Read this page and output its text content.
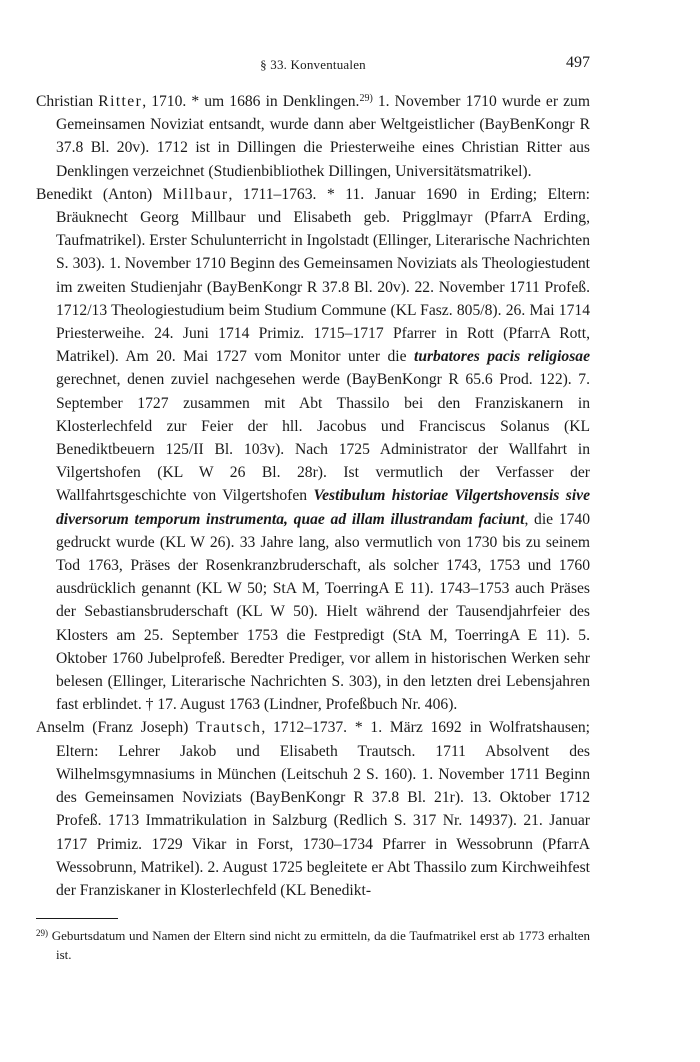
§ 33. Konventualen	497

Christian Ritter, 1710. * um 1686 in Denklingen.$^{29)}$ 1. November 1710 wurde er zum Gemeinsamen Noviziat entsandt, wurde dann aber Weltgeistlicher (BayBenKongr R 37.8 Bl. 20v). 1712 ist in Dillingen die Priesterweihe eines Christian Ritter aus Denklingen verzeichnet (Studienbibliothek Dillingen, Universitätsmatrikel).

Benedikt (Anton) Millbaur, 1711–1763. * 11. Januar 1690 in Erding; Eltern: Bräuknecht Georg Millbaur und Elisabeth geb. Prigglmayr (PfarrA Erding, Taufmatrikel). Erster Schulunterricht in Ingolstadt (Ellinger, Literarische Nachrichten S. 303). 1. November 1710 Beginn des Gemeinsamen Noviziats als Theologiestudent im zweiten Studienjahr (BayBenKongr R 37.8 Bl. 20v). 22. November 1711 Profeß. 1712/13 Theologiestudium beim Studium Commune (KL Fasz. 805/8). 26. Mai 1714 Priesterweihe. 24. Juni 1714 Primiz. 1715–1717 Pfarrer in Rott (PfarrA Rott, Matrikel). Am 20. Mai 1727 vom Monitor unter die turbatores pacis religiosae gerechnet, denen zuviel nachgesehen werde (BayBenKongr R 65.6 Prod. 122). 7. September 1727 zusammen mit Abt Thassilo bei den Franziskanern in Klosterlechfeld zur Feier der hll. Jacobus und Franciscus Solanus (KL Benediktbeuern 125/II Bl. 103v). Nach 1725 Administrator der Wallfahrt in Vilgertshofen (KL W 26 Bl. 28r). Ist vermutlich der Verfasser der Wallfahrtsgeschichte von Vilgertshofen Vestibulum historiae Vilgertshovensis sive diversorum temporum instrumenta, quae ad illam illustrandam faciunt, die 1740 gedruckt wurde (KL W 26). 33 Jahre lang, also vermutlich von 1730 bis zu seinem Tod 1763, Präses der Rosenkranzbruderschaft, als solcher 1743, 1753 und 1760 ausdrücklich genannt (KL W 50; StA M, ToerringA E 11). 1743–1753 auch Präses der Sebastiansbruderschaft (KL W 50). Hielt während der Tausendjahrfeier des Klosters am 25. September 1753 die Festpredigt (StA M, ToerringA E 11). 5. Oktober 1760 Jubelprofeß. Beredter Prediger, vor allem in historischen Werken sehr belesen (Ellinger, Literarische Nachrichten S. 303), in den letzten drei Lebensjahren fast erblindet. † 17. August 1763 (Lindner, Profeßbuch Nr. 406).

Anselm (Franz Joseph) Trautsch, 1712–1737. * 1. März 1692 in Wolfratshausen; Eltern: Lehrer Jakob und Elisabeth Trautsch. 1711 Absolvent des Wilhelmsgymnasiums in München (Leitschuh 2 S. 160). 1. November 1711 Beginn des Gemeinsamen Noviziats (BayBenKongr R 37.8 Bl. 21r). 13. Oktober 1712 Profeß. 1713 Immatrikulation in Salzburg (Redlich S. 317 Nr. 14937). 21. Januar 1717 Primiz. 1729 Vikar in Forst, 1730–1734 Pfarrer in Wessobrunn (PfarrA Wessobrunn, Matrikel). 2. August 1725 begleitete er Abt Thassilo zum Kirchweihfest der Franziskaner in Klosterlechfeld (KL Benedikt-

$^{29)}$ Geburtsdatum und Namen der Eltern sind nicht zu ermitteln, da die Taufmatrikel erst ab 1773 erhalten ist.
